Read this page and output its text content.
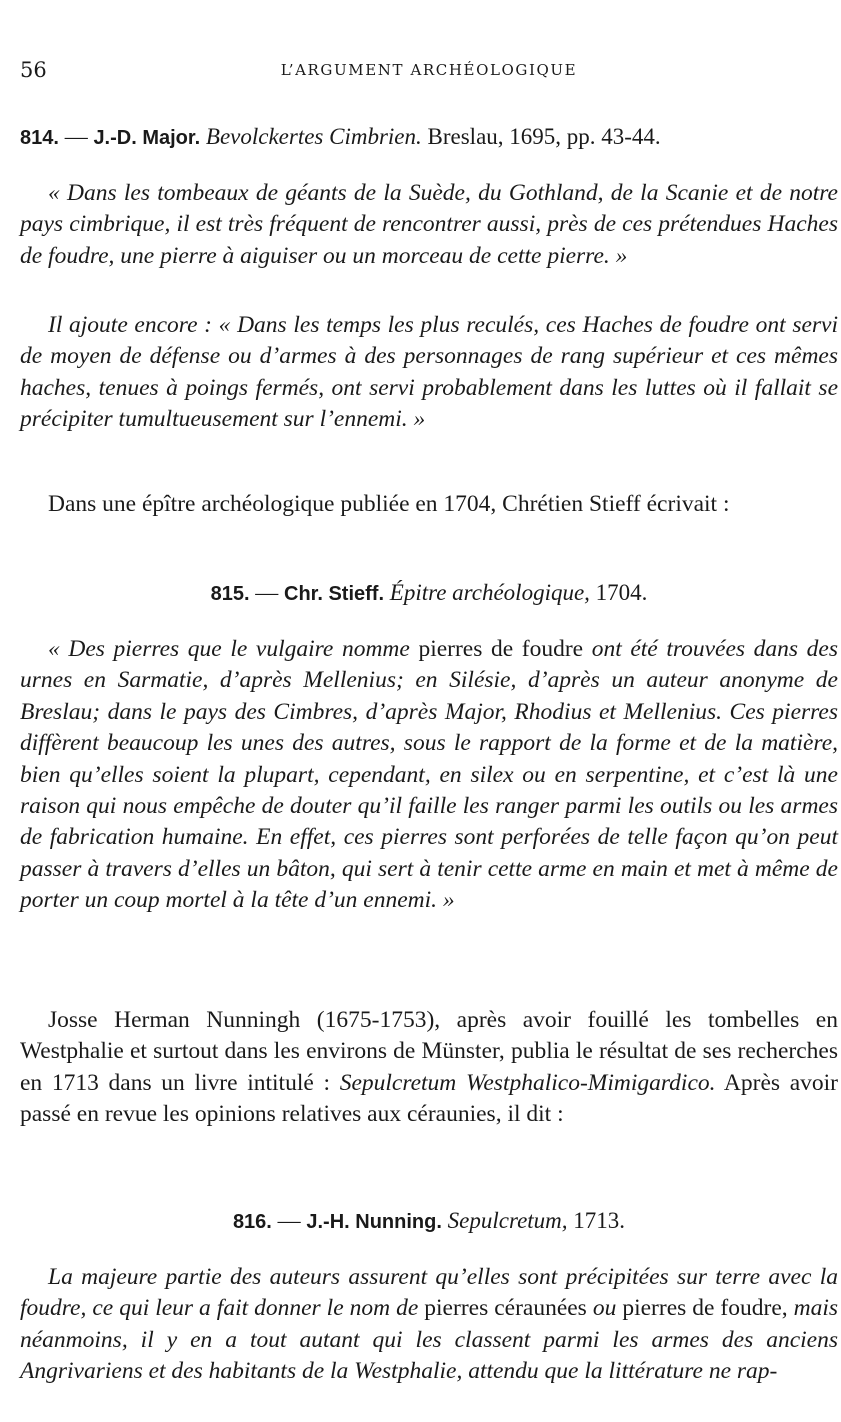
56	L’ARGUMENT ARCHÉOLOGIQUE
814. — J.-D. Major. Bevolckertes Cimbrien. Breslau, 1695, pp. 43-44.
« Dans les tombeaux de géants de la Suède, du Gothland, de la Scanie et de notre pays cimbrique, il est très fréquent de rencontrer aussi, près de ces prétendues Haches de foudre, une pierre à aiguiser ou un morceau de cette pierre. »
Il ajoute encore : « Dans les temps les plus reculés, ces Haches de foudre ont servi de moyen de défense ou d’armes à des personnages de rang supérieur et ces mêmes haches, tenues à poings fermés, ont servi probablement dans les luttes où il fallait se précipiter tumultueusement sur l’ennemi. »
Dans une épître archéologique publiée en 1704, Chrétien Stieff écrivait :
815. — Chr. Stieff. Épitre archéologique, 1704.
« Des pierres que le vulgaire nomme pierres de foudre ont été trouvées dans des urnes en Sarmatie, d’après Mellenius; en Silésie, d’après un auteur anonyme de Breslau; dans le pays des Cimbres, d’après Major, Rhodius et Mellenius. Ces pierres diffèrent beaucoup les unes des autres, sous le rapport de la forme et de la matière, bien qu’elles soient la plupart, cependant, en silex ou en serpentine, et c’est là une raison qui nous empêche de douter qu’il faille les ranger parmi les outils ou les armes de fabrication humaine. En effet, ces pierres sont perforées de telle façon qu’on peut passer à travers d’elles un bâton, qui sert à tenir cette arme en main et met à même de porter un coup mortel à la tête d’un ennemi. »
Josse Herman Nunningh (1675-1753), après avoir fouillé les tombelles en Westphalie et surtout dans les environs de Münster, publia le résultat de ses recherches en 1713 dans un livre intitulé : Sepulcretum Westphalico-Mimigardico. Après avoir passé en revue les opinions relatives aux céraunies, il dit :
816. — J.-H. Nunning. Sepulcretum, 1713.
La majeure partie des auteurs assurent qu’elles sont précipitées sur terre avec la foudre, ce qui leur a fait donner le nom de pierres céraunées ou pierres de foudre, mais néanmoins, il y en a tout autant qui les classent parmi les armes des anciens Angrivariens et des habitants de la Westphalie, attendu que la littérature ne rap-
